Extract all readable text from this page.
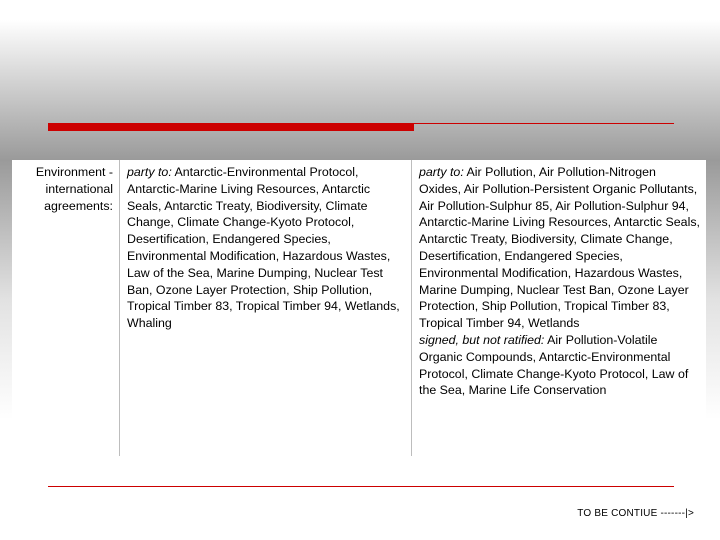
Environment - international agreements:
party to: Antarctic-Environmental Protocol, Antarctic-Marine Living Resources, Antarctic Seals, Antarctic Treaty, Biodiversity, Climate Change, Climate Change-Kyoto Protocol, Desertification, Endangered Species, Environmental Modification, Hazardous Wastes, Law of the Sea, Marine Dumping, Nuclear Test Ban, Ozone Layer Protection, Ship Pollution, Tropical Timber 83, Tropical Timber 94, Wetlands, Whaling
party to: Air Pollution, Air Pollution-Nitrogen Oxides, Air Pollution-Persistent Organic Pollutants, Air Pollution-Sulphur 85, Air Pollution-Sulphur 94, Antarctic-Marine Living Resources, Antarctic Seals, Antarctic Treaty, Biodiversity, Climate Change, Desertification, Endangered Species, Environmental Modification, Hazardous Wastes, Marine Dumping, Nuclear Test Ban, Ozone Layer Protection, Ship Pollution, Tropical Timber 83, Tropical Timber 94, Wetlands
signed, but not ratified: Air Pollution-Volatile Organic Compounds, Antarctic-Environmental Protocol, Climate Change-Kyoto Protocol, Law of the Sea, Marine Life Conservation
TO BE CONTIUE -------|>
